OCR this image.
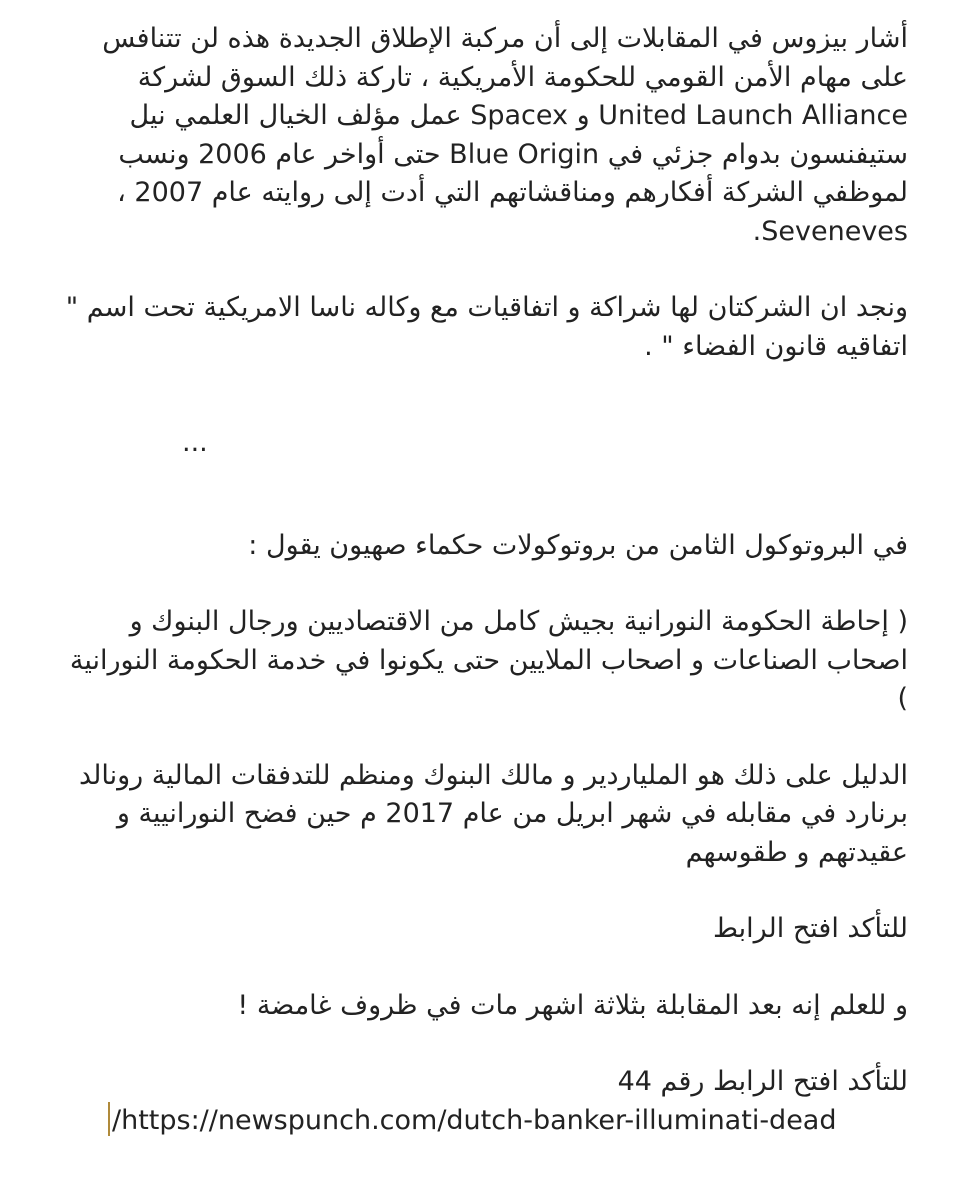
أشار بيزوس في المقابلات إلى أن مركبة الإطلاق الجديدة هذه لن تتنافس على مهام الأمن القومي للحكومة الأمريكية ، تاركة ذلك السوق لشركة United Launch Alliance و Spacex عمل مؤلف الخيال العلمي نيل ستيفنسون بدوام جزئي في Blue Origin حتى أواخر عام 2006 ونسب لموظفي الشركة أفكارهم ومناقشاتهم التي أدت إلى روايته عام 2007 ، Seveneves.

ونجد ان الشركتان لها شراكة و اتفاقيات مع وكاله ناسا الامريكية تحت اسم " اتفاقيه قانون الفضاء " .

...

في البروتوكول الثامن من بروتوكولات حكماء صهيون يقول :

( إحاطة الحكومة النورانية بجيش كامل من الاقتصاديين ورجال البنوك و اصحاب الصناعات و اصحاب الملايين حتى يكونوا في خدمة الحكومة النورانية )

الدليل على ذلك هو الملياردير و مالك البنوك ومنظم للتدفقات المالية رونالد برنارد في مقابله في شهر ابريل من عام 2017 م حين فضح النورانيية و عقيدتهم و طقوسهم

للتأكد افتح الرابط

و للعلم إنه بعد المقابلة بثلاثة اشهر مات في ظروف غامضة !

للتأكد افتح الرابط رقم 44

/https://newspunch.com/dutch-banker-illuminati-dead
